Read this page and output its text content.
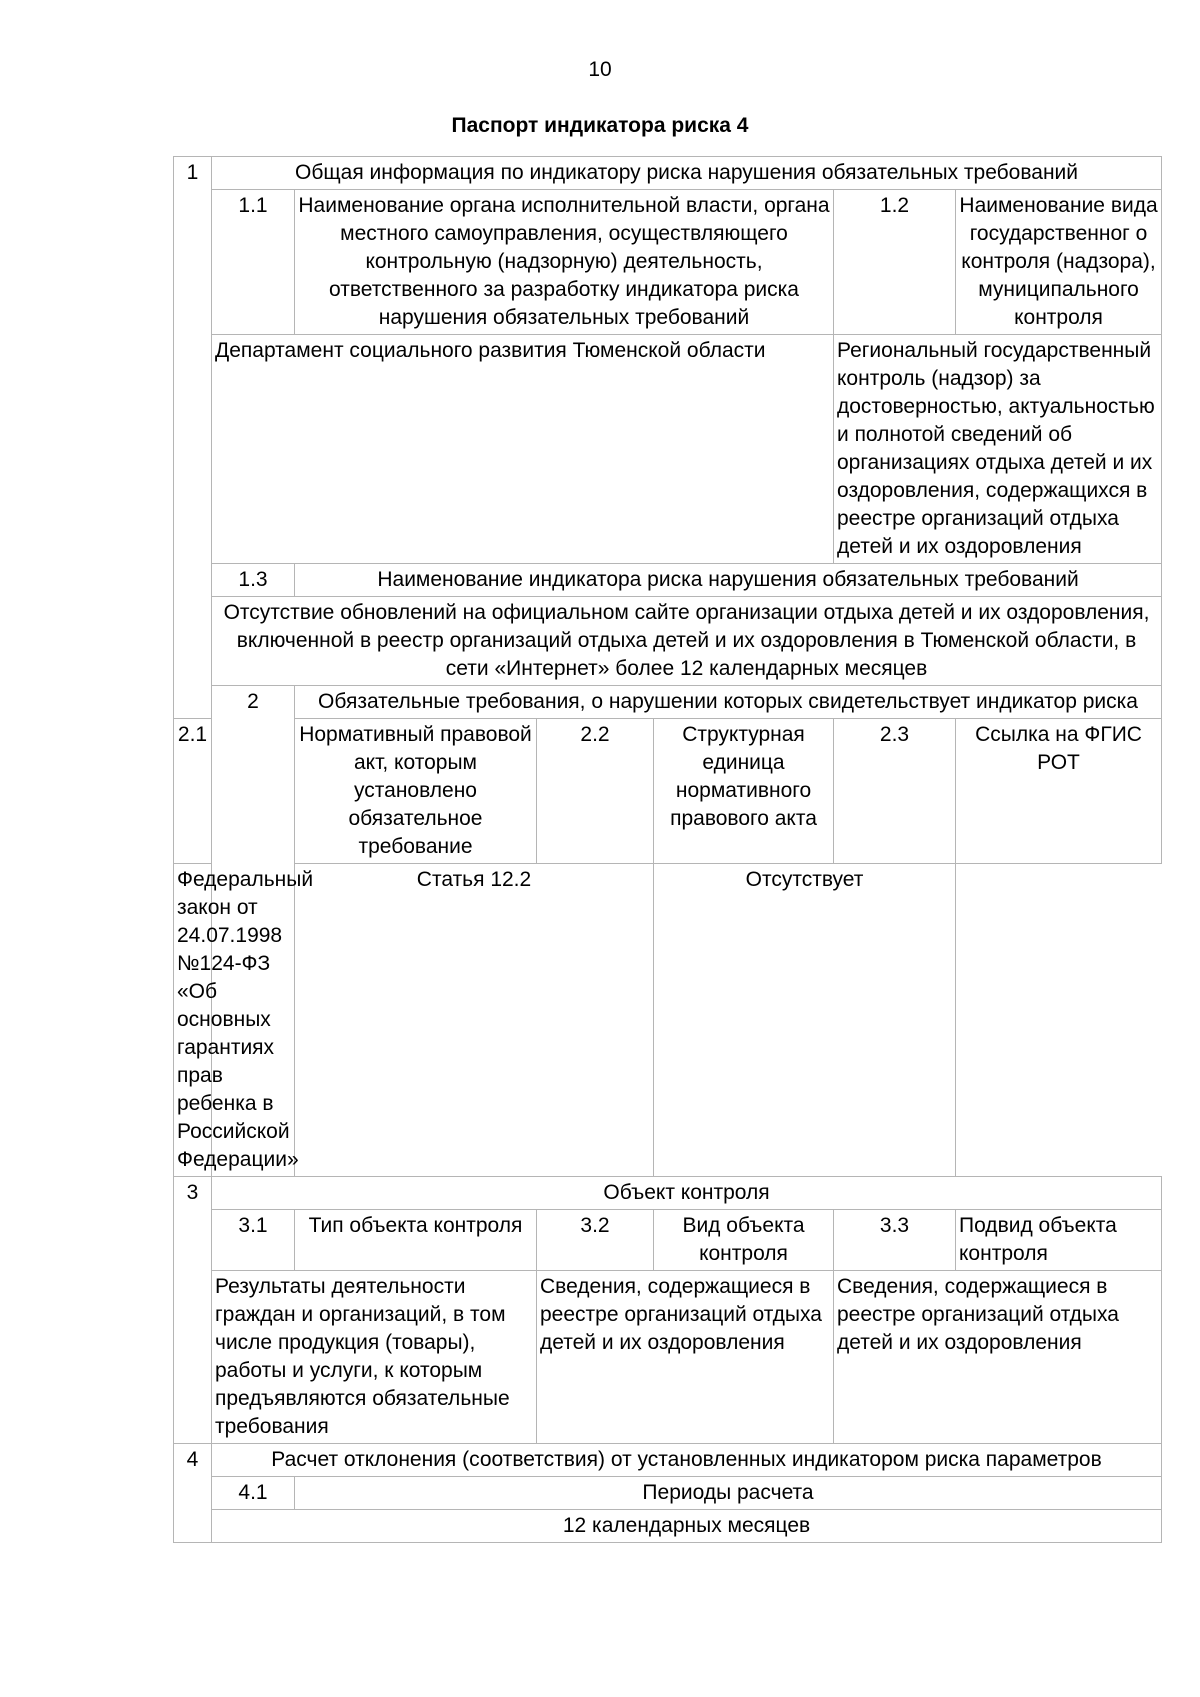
10
Паспорт индикатора риска 4
1	Общая информация по индикатору риска нарушения обязательных требований					
	1.1	Наименование органа исполнительной власти, органа местного самоуправления, осуществляющего контрольную (надзорную) деятельность, ответственного за разработку индикатора риска нарушения обязательных требований			1.2	Наименование вида государственног о контроля (надзора), муниципального контроля
	Департамент социального развития Тюменской области				Региональный государственный контроль (надзор) за достоверностью, актуальностью и полнотой сведений об организациях отдыха детей и их оздоровления, содержащихся в реестре организаций отдыха детей и их оздоровления	
	1.3	Наименование индикатора риска нарушения обязательных требований				
	Отсутствие обновлений на официальном сайте организации отдыха детей и их оздоровления, включенной в реестр организаций отдыха детей и их оздоровления в Тюменской области, в сети «Интернет» более 12 календарных месяцев					
	2	Обязательные требования, о нарушении которых свидетельствует индикатор риска				
2.1		Нормативный правовой акт, которым установлено обязательное требование	2.2	Структурная единица нормативного правового акта	2.3	Ссылка на ФГИС РОТ
Федеральный закон от 24.07.1998 №124-ФЗ «Об основных гарантиях прав ребенка в Российской Федерации»		Статья 12.2		Отсутствует		
3	Объект контроля					
	3.1	Тип объекта контроля	3.2	Вид объекта контроля	3.3	Подвид объекта контроля
	Результаты деятельности граждан и организаций, в том числе продукция (товары), работы и услуги, к которым предъявляются обязательные требования		Сведения, содержащиеся в реестре организаций отдыха детей и их оздоровления		Сведения, содержащиеся в реестре организаций отдыха детей и их оздоровления	
4	Расчет отклонения (соответствия) от установленных индикатором риска параметров					
	4.1	Периоды расчета				
	12 календарных месяцев					
